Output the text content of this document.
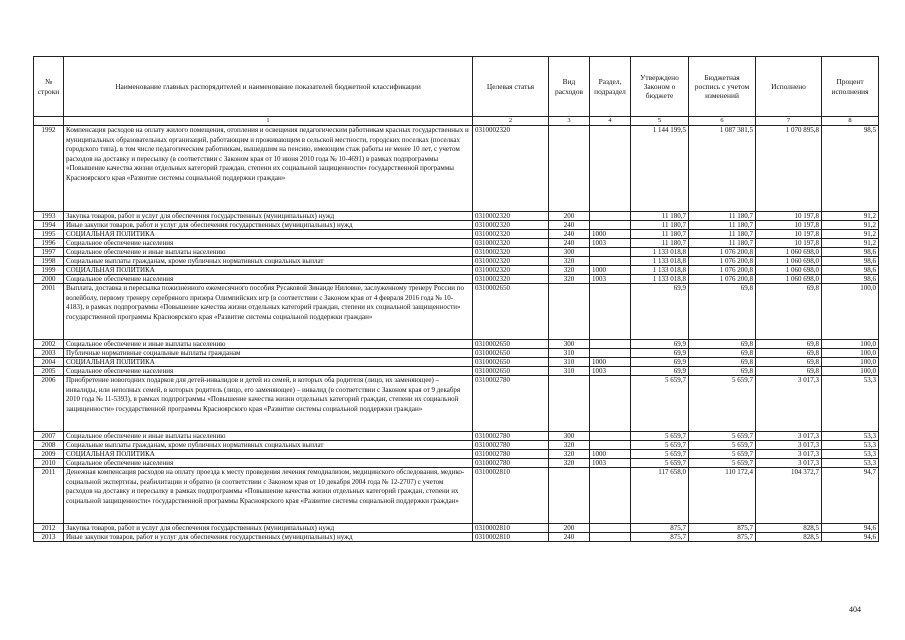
№ строки	Наименование главных распорядителей и наименование показателей бюджетной классификации	Целевая статья	Вид расходов	Раздел, подраздел	Утверждено Законом о бюджете	Бюджетная роспись с учетом изменений	Исполнено	Процент исполнения
	1	2	3	4	5	6	7	8
1992	Компенсация расходов на оплату жилого помещения, отопления и освещения педагогическим работникам красных государственных и муниципальных образовательных организаций, работающим и проживающим в сельской местности, городских поселках (поселках городского типа), в том числе педагогическим работникам, вышедшим на пенсию, имеющим стаж работы не менее 10 лет, с учетом расходов на доставку и пересылку (в соответствии с Законом края от 10 июня 2010 года № 10-4691) в рамках подпрограммы «Повышение качества жизни отдельных категорий граждан, степени их социальной защищенности» государственной программы Красноярского края «Развитие системы социальной поддержки граждан»	0310002320			1 144 199,5	1 087 381,5	1 070 895,8	98,5
1993	Закупка товаров, работ и услуг для обеспечения государственных (муниципальных) нужд	0310002320	200		11 180,7	11 180,7	10 197,8	91,2
1994	Иные закупки товаров, работ и услуг для обеспечения государственных (муниципальных) нужд	0310002320	240		11 180,7	11 180,7	10 197,8	91,2
1995	СОЦИАЛЬНАЯ ПОЛИТИКА	0310002320	240	1000	11 180,7	11 180,7	10 197,8	91,2
1996	Социальное обеспечение населения	0310002320	240	1003	11 180,7	11 180,7	10 197,8	91,2
1997	Социальное обеспечение и иные выплаты населению	0310002320	300		1 133 018,8	1 076 200,8	1 060 698,0	98,6
1998	Социальные выплаты гражданам, кроме публичных нормативных социальных выплат	0310002320	320		1 133 018,8	1 076 200,8	1 060 698,0	98,6
1999	СОЦИАЛЬНАЯ ПОЛИТИКА	0310002320	320	1000	1 133 018,8	1 076 200,8	1 060 698,0	98,6
2000	Социальное обеспечение населения	0310002320	320	1003	1 133 018,8	1 076 200,8	1 060 698,0	98,6
2001	Выплата, доставка и пересылка пожизненного ежемесячного пособия Русаковой Зинаиде Ниловне, заслуженному тренеру России по волейболу, первому тренеру серебряного призера Олимпийских игр (в соответствии с Законом края от 4 февраля 2016 года № 10-4183), в рамках подпрограммы «Повышение качества жизни отдельных категорий граждан, степени их социальной защищенности» государственной программы Красноярского края «Развитие системы социальной поддержки граждан»	0310002650			69,9	69,8	69,8	100,0
2002	Социальное обеспечение и иные выплаты населению	0310002650	300		69,9	69,8	69,8	100,0
2003	Публичные нормативные социальные выплаты гражданам	0310002650	310		69,9	69,8	69,8	100,0
2004	СОЦИАЛЬНАЯ ПОЛИТИКА	0310002650	310	1000	69,9	69,8	69,8	100,0
2005	Социальное обеспечение населения	0310002650	310	1003	69,9	69,8	69,8	100,0
2006	Приобретение новогодних подарков для детей-инвалидов и детей из семей, в которых оба родителя (лицо, их заменяющее) – инвалиды, или неполных семей, в которых родитель (лицо, его заменяющее) – инвалид (в соответствии с Законом края от 9 декабря 2010 года № 11-5393), в рамках подпрограммы «Повышение качества жизни отдельных категорий граждан, степени их социальной защищенности» государственной программы Красноярского края «Развитие системы социальной поддержки граждан»	0310002780			5 659,7	5 659,7	3 017,3	53,3
2007	Социальное обеспечение и иные выплаты населению	0310002780	300		5 659,7	5 659,7	3 017,3	53,3
2008	Социальные выплаты гражданам, кроме публичных нормативных социальных выплат	0310002780	320		5 659,7	5 659,7	3 017,3	53,3
2009	СОЦИАЛЬНАЯ ПОЛИТИКА	0310002780	320	1000	5 659,7	5 659,7	3 017,3	53,3
2010	Социальное обеспечение населения	0310002780	320	1003	5 659,7	5 659,7	3 017,3	53,3
2011	Денежная компенсация расходов на оплату проезда к месту проведения лечения гемодиализом, медицинского обследования, медико-социальной экспертизы, реабилитации и обратно (в соответствии с Законом края от 10 декабря 2004 года № 12-2707) с учетом расходов на доставку и пересылку в рамках подпрограммы «Повышение качества жизни отдельных категорий граждан, степени их социальной защищенности» государственной программы Красноярского края «Развитие системы социальной поддержки граждан»	0310002810			117 658,0	110 172,4	104 372,7	94,7
2012	Закупка товаров, работ и услуг для обеспечения государственных (муниципальных) нужд	0310002810	200		875,7	875,7	828,5	94,6
2013	Иные закупки товаров, работ и услуг для обеспечения государственных (муниципальных) нужд	0310002810	240		875,7	875,7	828,5	94,6
404
